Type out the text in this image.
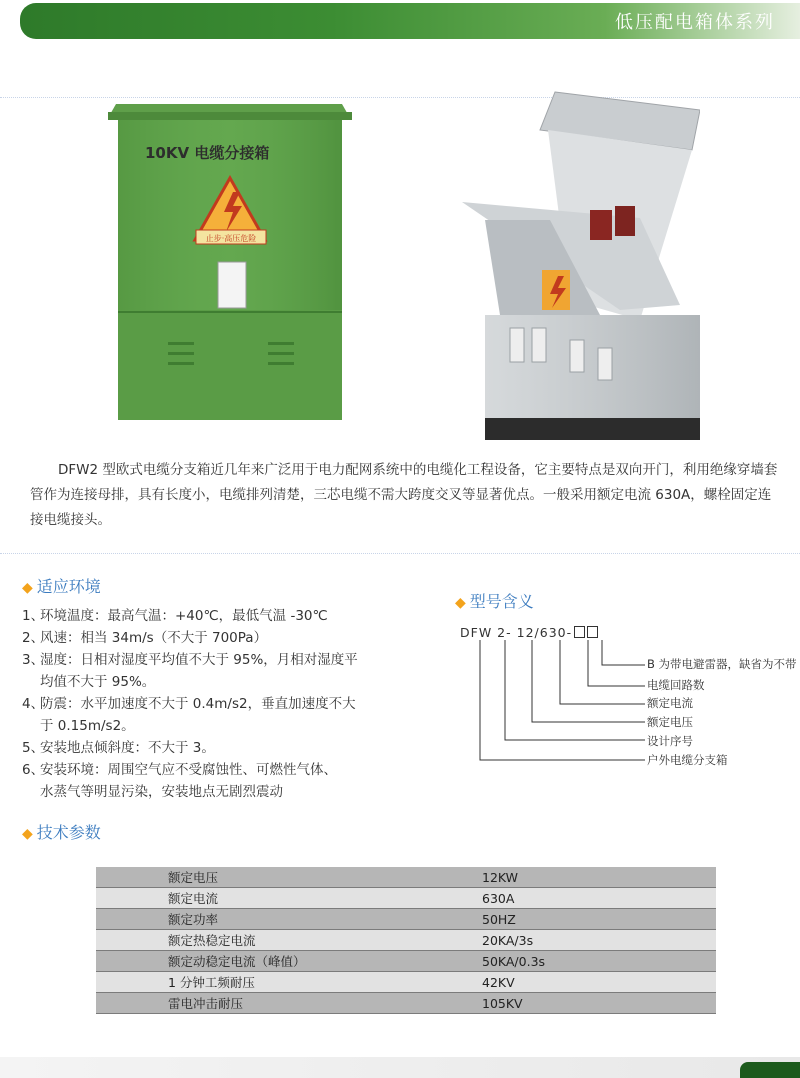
低压配电箱体系列
10KV 电缆分接箱
止步·高压危险
DFW2 型欧式电缆分支箱近几年来广泛用于电力配网系统中的电缆化工程设备，它主要特点是双向开门，利用绝缘穿墙套管作为连接母排，具有长度小，电缆排列清楚，三芯电缆不需大跨度交叉等显著优点。一般采用额定电流 630A，螺栓固定连接电缆接头。
◆ 适应环境
1、环境温度：最高气温：+40℃，最低气温 -30℃
2、风速：相当 34m/s（不大于 700Pa）
3、湿度：日相对湿度平均值不大于 95%，月相对湿度平
均值不大于 95%。
4、防震：水平加速度不大于 0.4m/s2，垂直加速度不大
于 0.15m/s2。
5、安装地点倾斜度：不大于 3。
6、安装环境：周围空气应不受腐蚀性、可燃性气体、
水蒸气等明显污染，安装地点无剧烈震动
◆ 型号含义
DFW 2- 12/630-
B 为带电避雷器，缺省为不带
电缆回路数
额定电流
额定电压
设计序号
户外电缆分支箱
◆ 技术参数
额定电压	12KW
额定电流	630A
额定功率	50HZ
额定热稳定电流	20KA/3s
额定动稳定电流（峰值）	50KA/0.3s
1 分钟工频耐压	42KV
雷电冲击耐压	105KV
